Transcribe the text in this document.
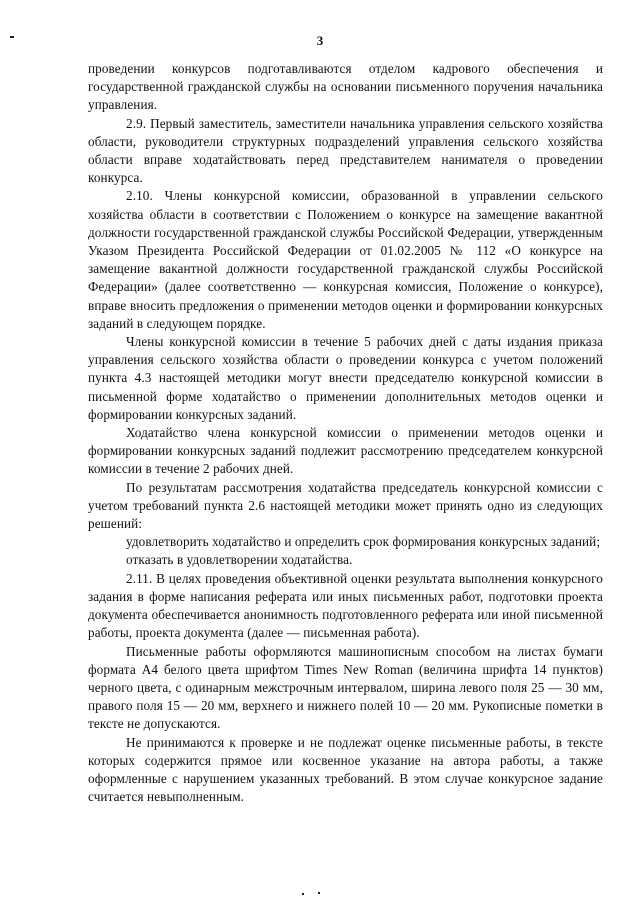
3

проведении конкурсов подготавливаются отделом кадрового обеспечения и государственной гражданской службы на основании письменного поручения начальника управления.

2.9. Первый заместитель, заместители начальника управления сельского хозяйства области, руководители структурных подразделений управления сельского хозяйства области вправе ходатайствовать перед представителем нанимателя о проведении конкурса.

2.10. Члены конкурсной комиссии, образованной в управлении сельского хозяйства области в соответствии с Положением о конкурсе на замещение вакантной должности государственной гражданской службы Российской Федерации, утвержденным Указом Президента Российской Федерации от 01.02.2005 № 112 «О конкурсе на замещение вакантной должности государственной гражданской службы Российской Федерации» (далее соответственно — конкурсная комиссия, Положение о конкурсе), вправе вносить предложения о применении методов оценки и формировании конкурсных заданий в следующем порядке.

Члены конкурсной комиссии в течение 5 рабочих дней с даты издания приказа управления сельского хозяйства области о проведении конкурса с учетом положений пункта 4.3 настоящей методики могут внести председателю конкурсной комиссии в письменной форме ходатайство о применении дополнительных методов оценки и формировании конкурсных заданий.

Ходатайство члена конкурсной комиссии о применении методов оценки и формировании конкурсных заданий подлежит рассмотрению председателем конкурсной комиссии в течение 2 рабочих дней.

По результатам рассмотрения ходатайства председатель конкурсной комиссии с учетом требований пункта 2.6 настоящей методики может принять одно из следующих решений:

удовлетворить ходатайство и определить срок формирования конкурсных заданий;

отказать в удовлетворении ходатайства.

2.11. В целях проведения объективной оценки результата выполнения конкурсного задания в форме написания реферата или иных письменных работ, подготовки проекта документа обеспечивается анонимность подготовленного реферата или иной письменной работы, проекта документа (далее — письменная работа).

Письменные работы оформляются машинописным способом на листах бумаги формата А4 белого цвета шрифтом Times New Roman (величина шрифта 14 пунктов) черного цвета, с одинарным межстрочным интервалом, ширина левого поля 25 — 30 мм, правого поля 15 — 20 мм, верхнего и нижнего полей 10 — 20 мм. Рукописные пометки в тексте не допускаются.

Не принимаются к проверке и не подлежат оценке письменные работы, в тексте которых содержится прямое или косвенное указание на автора работы, а также оформленные с нарушением указанных требований. В этом случае конкурсное задание считается невыполненным.
